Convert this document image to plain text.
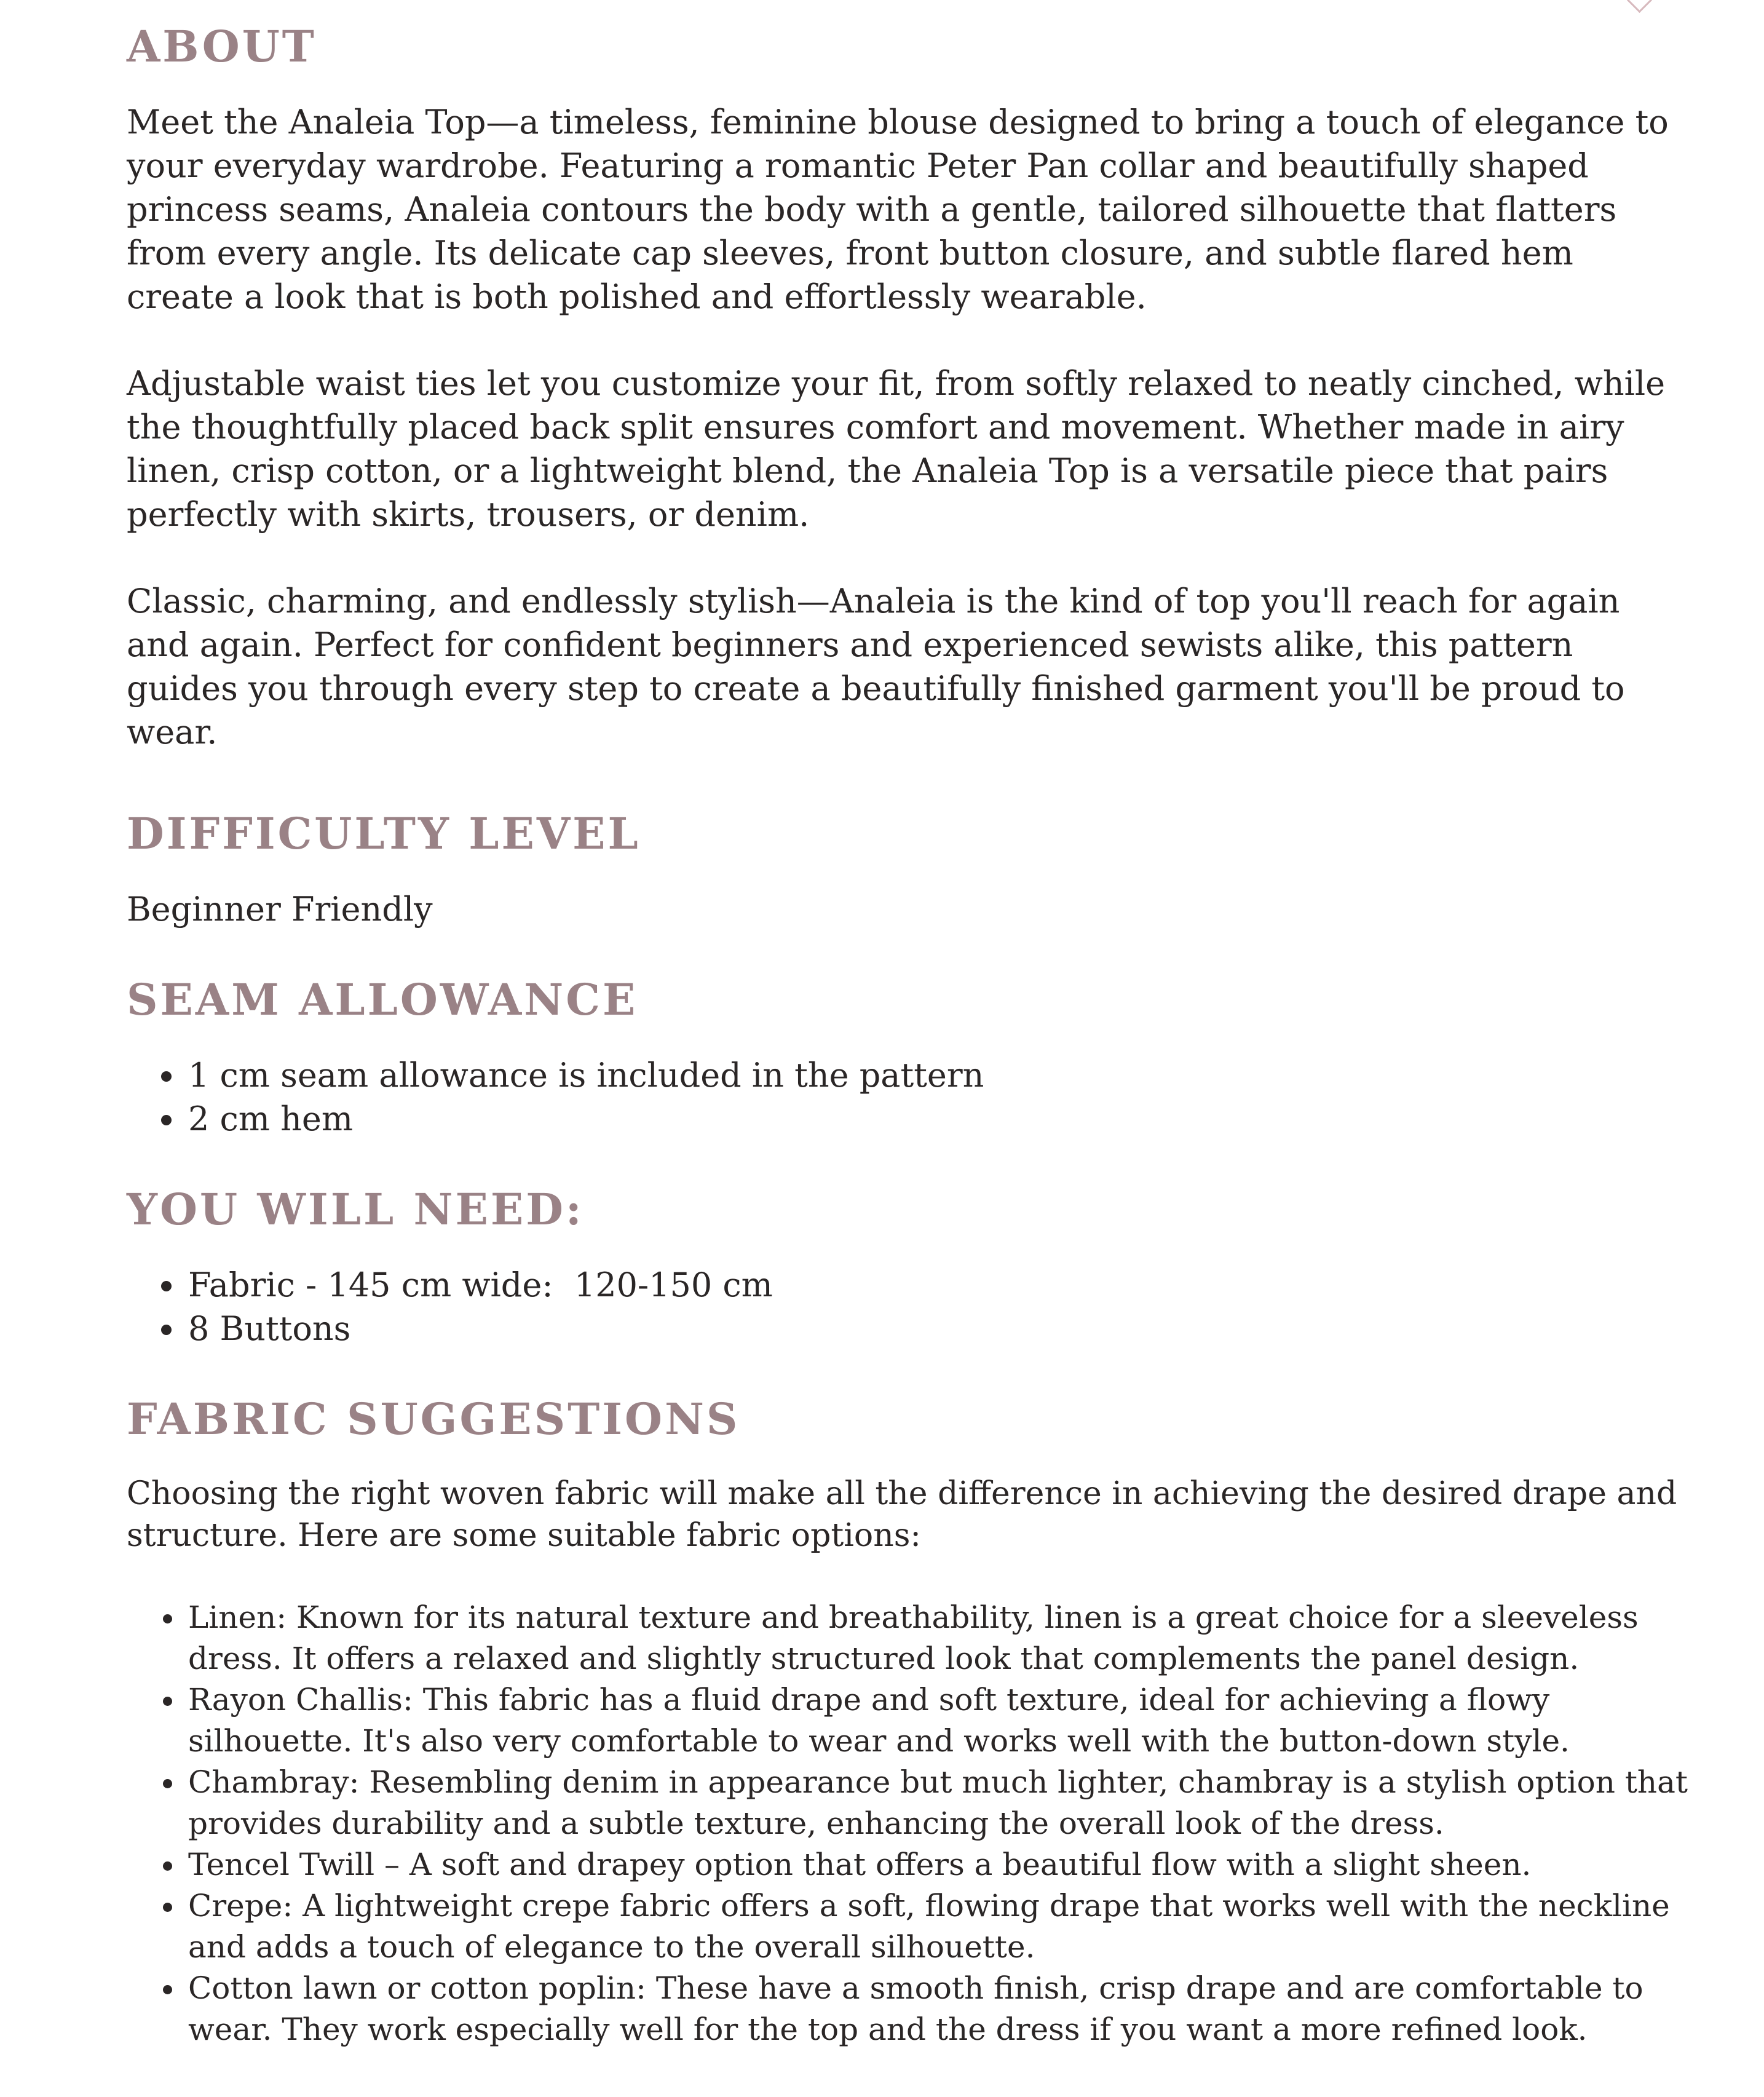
ABOUT

Meet the Analeia Top—a timeless, feminine blouse designed to bring a touch of elegance to your everyday wardrobe. Featuring a romantic Peter Pan collar and beautifully shaped princess seams, Analeia contours the body with a gentle, tailored silhouette that flatters from every angle. Its delicate cap sleeves, front button closure, and subtle flared hem create a look that is both polished and effortlessly wearable.

Adjustable waist ties let you customize your fit, from softly relaxed to neatly cinched, while the thoughtfully placed back split ensures comfort and movement. Whether made in airy linen, crisp cotton, or a lightweight blend, the Analeia Top is a versatile piece that pairs perfectly with skirts, trousers, or denim.

Classic, charming, and endlessly stylish—Analeia is the kind of top you'll reach for again and again. Perfect for confident beginners and experienced sewists alike, this pattern guides you through every step to create a beautifully finished garment you'll be proud to wear.

DIFFICULTY LEVEL

Beginner Friendly

SEAM ALLOWANCE
• 1 cm seam allowance is included in the pattern
• 2 cm hem
YOU WILL NEED:
• Fabric - 145 cm wide:  120-150 cm
• 8 Buttons
FABRIC SUGGESTIONS

Choosing the right woven fabric will make all the difference in achieving the desired drape and structure. Here are some suitable fabric options:

• Linen: Known for its natural texture and breathability, linen is a great choice for a sleeveless dress. It offers a relaxed and slightly structured look that complements the panel design.
• Rayon Challis: This fabric has a fluid drape and soft texture, ideal for achieving a flowy silhouette. It's also very comfortable to wear and works well with the button-down style.
• Chambray: Resembling denim in appearance but much lighter, chambray is a stylish option that provides durability and a subtle texture, enhancing the overall look of the dress.
• Tencel Twill – A soft and drapey option that offers a beautiful flow with a slight sheen.
• Crepe: A lightweight crepe fabric offers a soft, flowing drape that works well with the neckline and adds a touch of elegance to the overall silhouette.
• Cotton lawn or cotton poplin: These have a smooth finish, crisp drape and are comfortable to wear. They work especially well for the top and the dress if you want a more refined look.
